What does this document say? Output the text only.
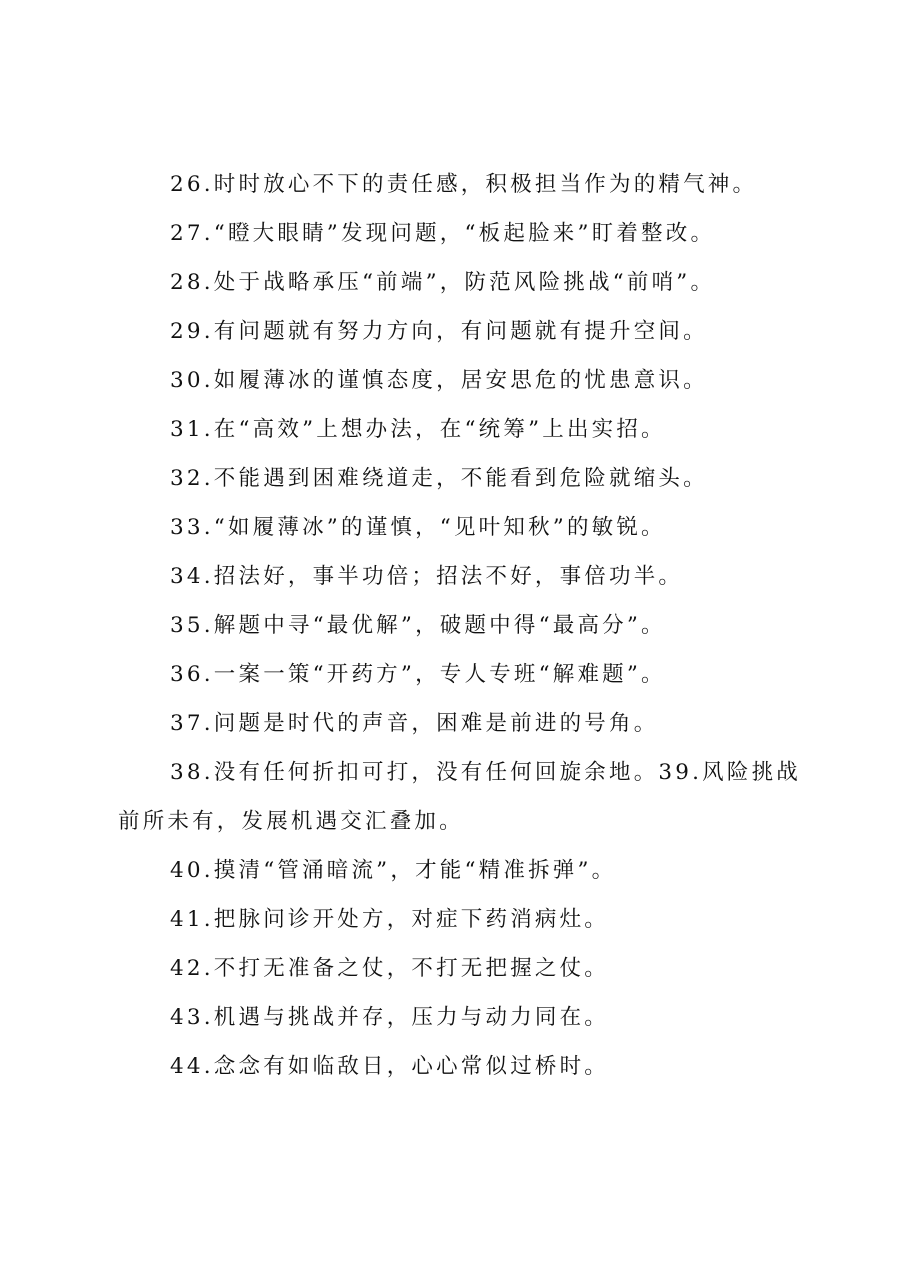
26.时时放心不下的责任感，积极担当作为的精气神。

27.“瞪大眼睛”发现问题，“板起脸来”盯着整改。

28.处于战略承压“前端”，防范风险挑战“前哨”。

29.有问题就有努力方向，有问题就有提升空间。

30.如履薄冰的谨慎态度，居安思危的忧患意识。

31.在“高效”上想办法，在“统筹”上出实招。

32.不能遇到困难绕道走，不能看到危险就缩头。

33.“如履薄冰”的谨慎，“见叶知秋”的敏锐。

34.招法好，事半功倍；招法不好，事倍功半。

35.解题中寻“最优解”，破题中得“最高分”。

36.一案一策“开药方”，专人专班“解难题”。

37.问题是时代的声音，困难是前进的号角。

38.没有任何折扣可打，没有任何回旋余地。39.风险挑战前所未有，发展机遇交汇叠加。

40.摸清“管涌暗流”，才能“精准拆弹”。

41.把脉问诊开处方，对症下药消病灶。

42.不打无准备之仗，不打无把握之仗。

43.机遇与挑战并存，压力与动力同在。

44.念念有如临敌日，心心常似过桥时。
